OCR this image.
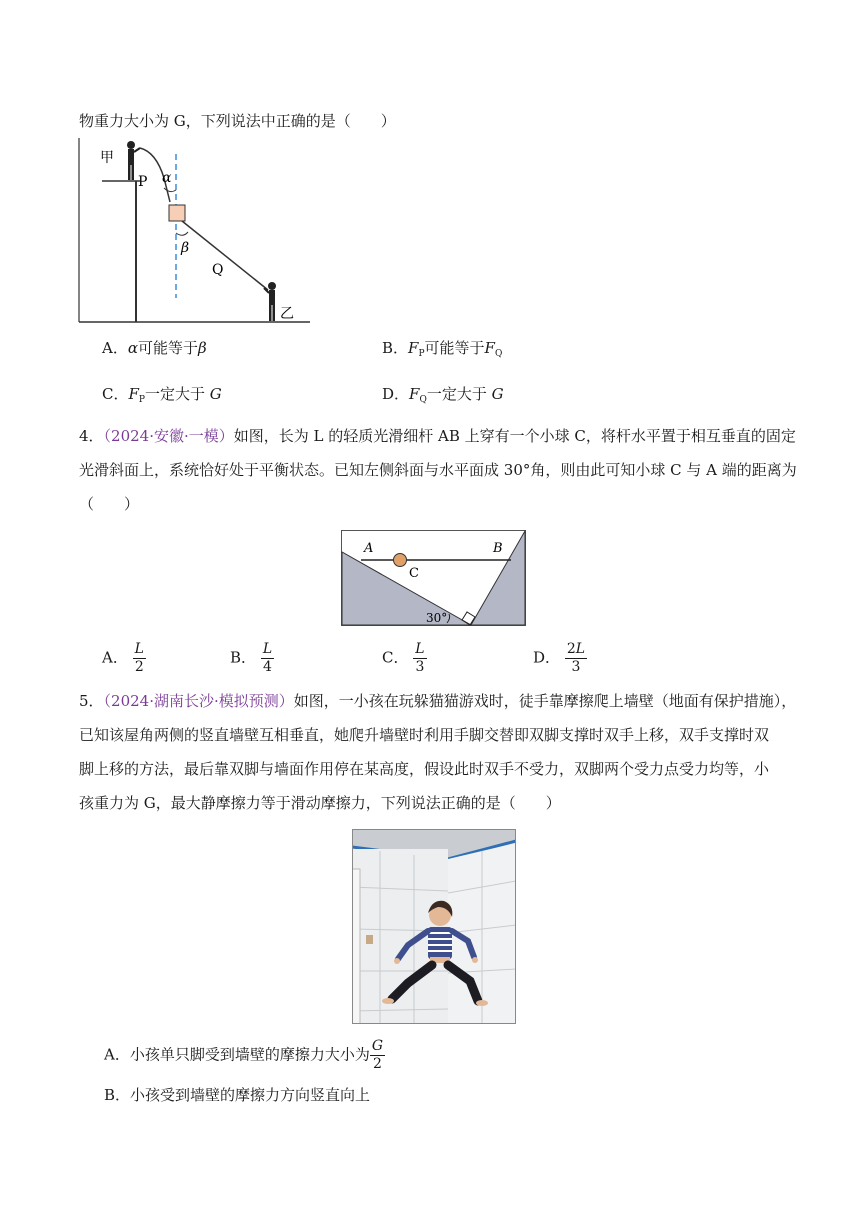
物重力大小为 G，下列说法中正确的是（　　）
甲
P α
β
Q
乙
A．α可能等于β	B．$F_P$可能等于$F_Q$
C．$F_P$一定大于 G	D．$F_Q$一定大于 G
4．（2024·安徽·一模）如图，长为 L 的轻质光滑细杆 AB 上穿有一个小球 C，将杆水平置于相互垂直的固定
光滑斜面上，系统恰好处于平衡状态。已知左侧斜面与水平面成 30°角，则由此可知小球 C 与 A 端的距离为
（　　）
A	B
C
30°
A． $\frac{L}{2}$	B． $\frac{L}{4}$	C． $\frac{L}{3}$	D． $\frac{2L}{3}$
5．（2024·湖南长沙·模拟预测）如图，一小孩在玩躲猫猫游戏时，徒手靠摩擦爬上墙壁（地面有保护措施），
已知该屋角两侧的竖直墙壁互相垂直，她爬升墙壁时利用手脚交替即双脚支撑时双手上移，双手支撑时双
脚上移的方法，最后靠双脚与墙面作用停在某高度，假设此时双手不受力，双脚两个受力点受力均等，小
孩重力为 G，最大静摩擦力等于滑动摩擦力，下列说法正确的是（　　）
A．小孩单只脚受到墙壁的摩擦力大小为 $\frac{G}{2}$
B．小孩受到墙壁的摩擦力方向竖直向上
